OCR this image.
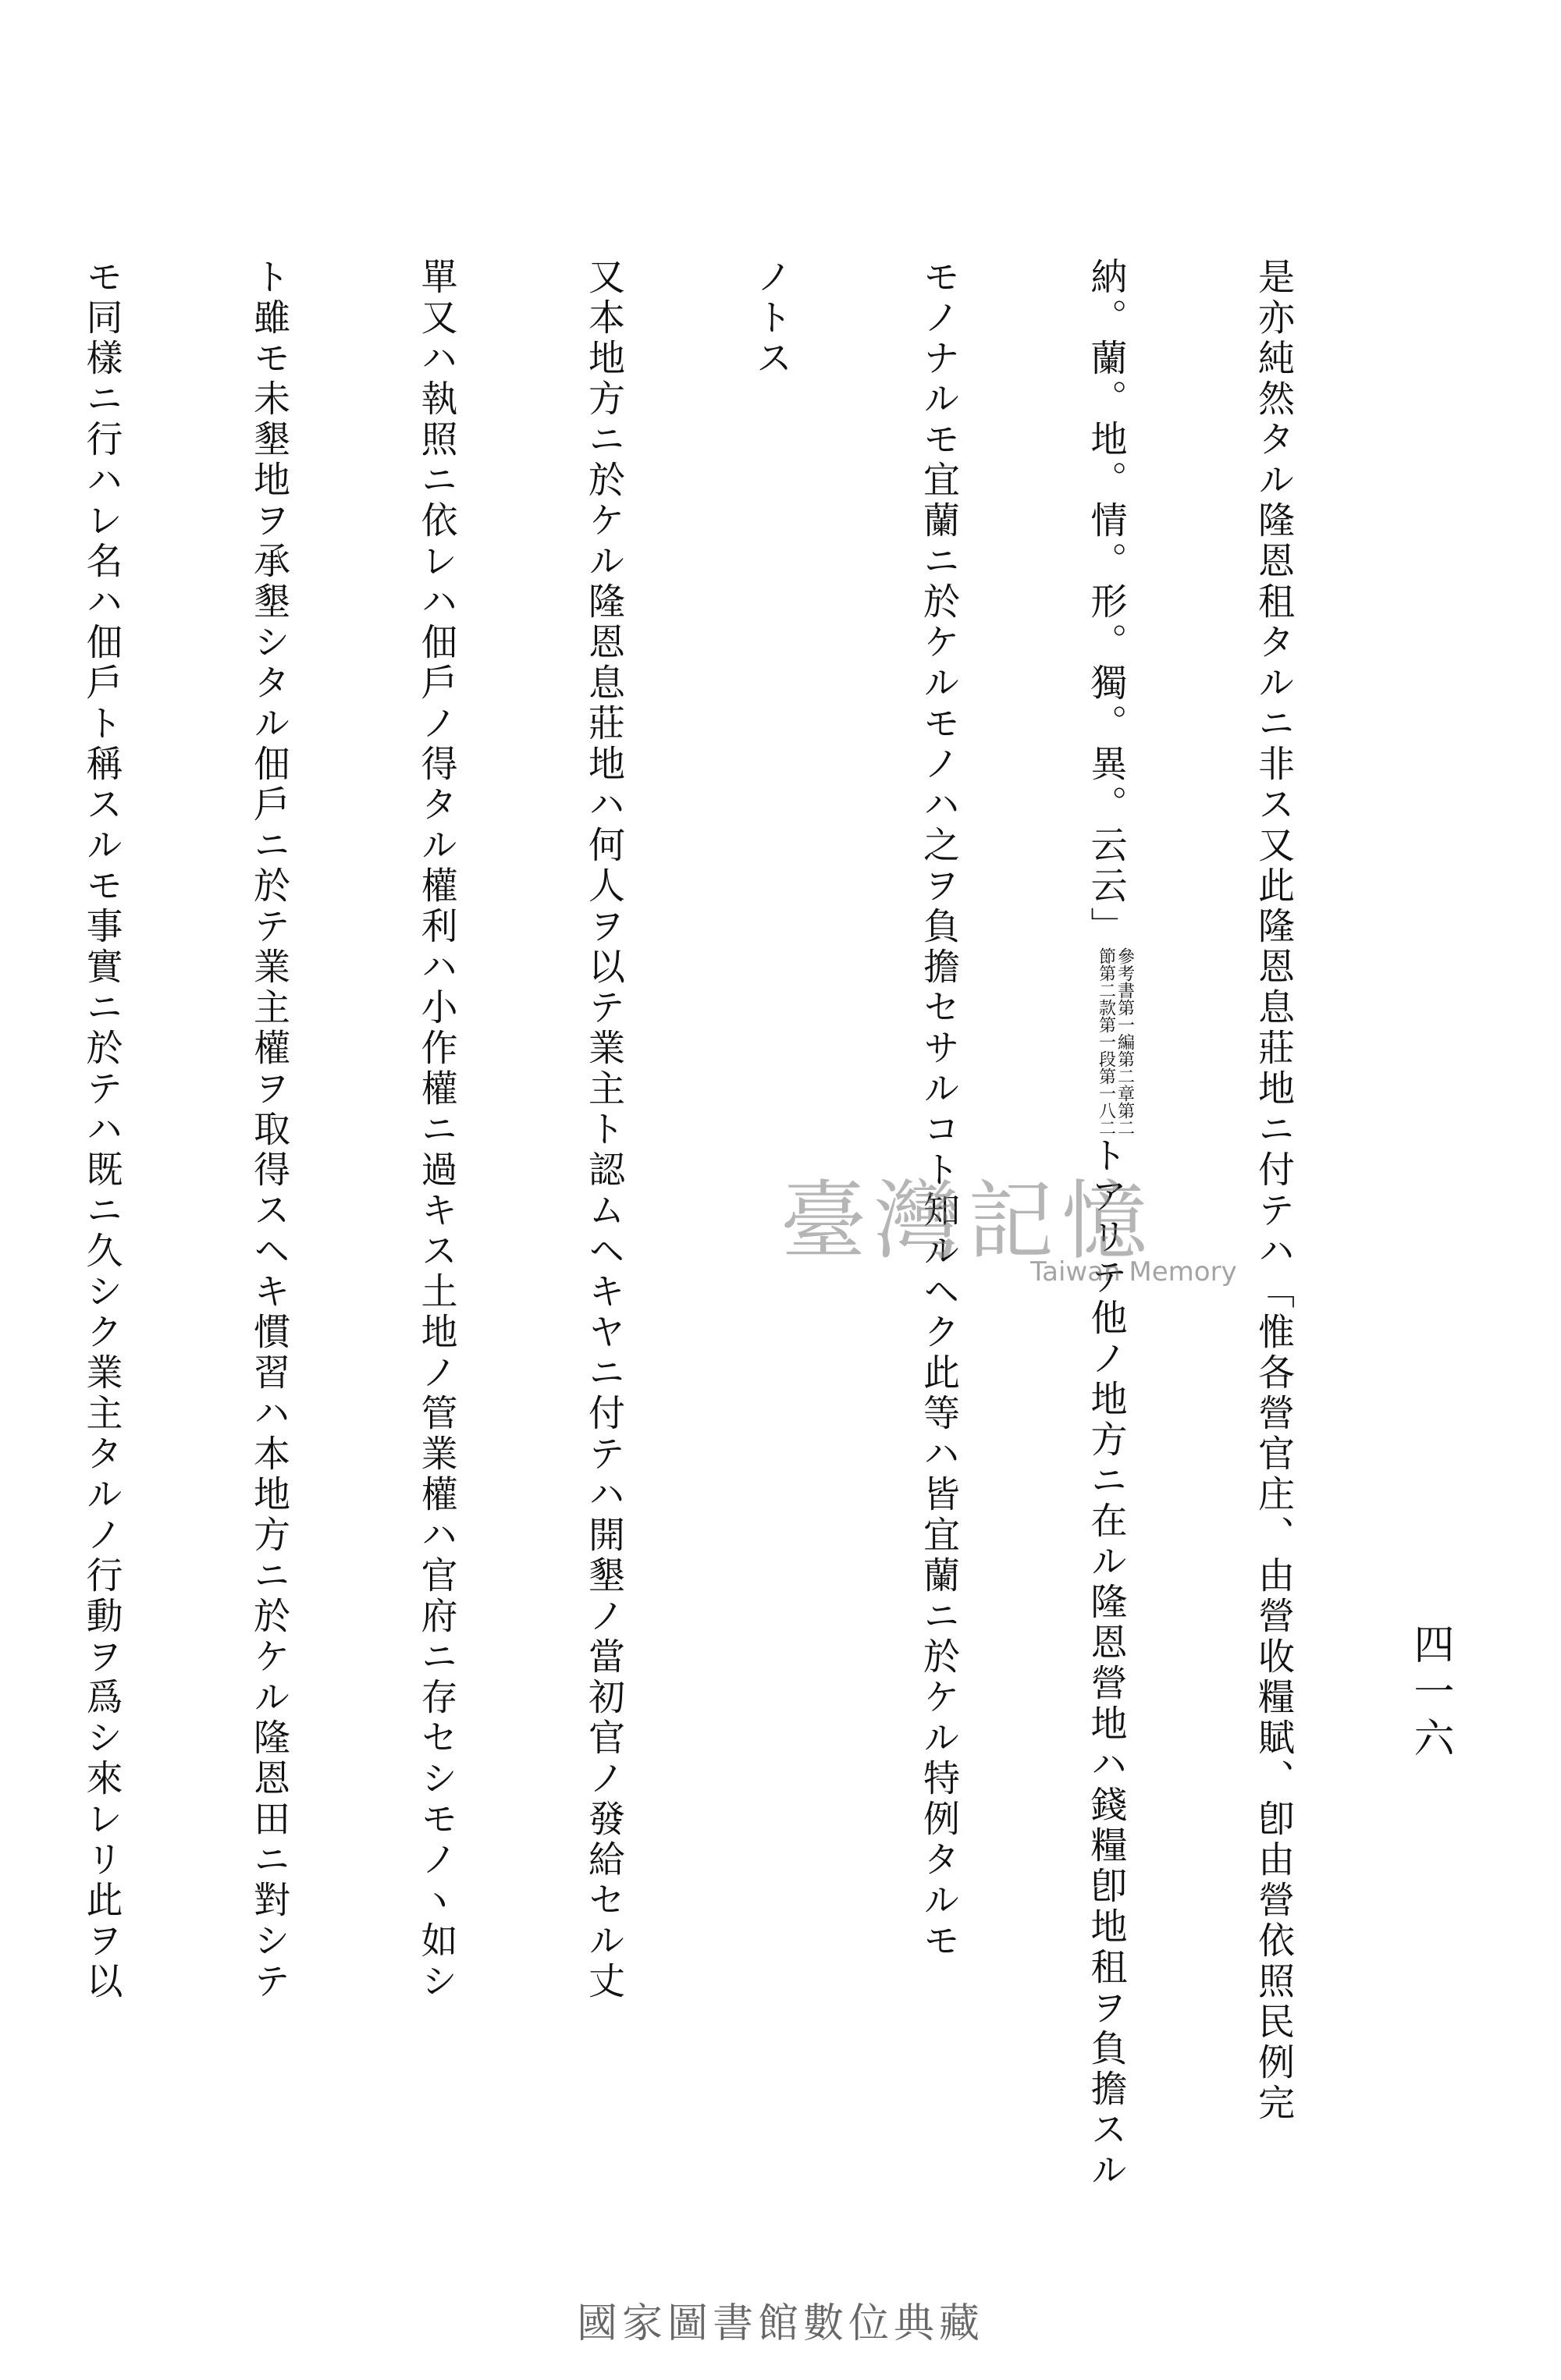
四一六

是亦純然タル隆恩租タルニ非ス又此隆恩息莊地ニ付テハ「惟各營官庄、由營收糧賦、卽由營依照民例完

納。蘭。地。情。形。獨。異。云云」參考書第一編第二章第二
節第二款第一段第一八二トアリテ他ノ地方ニ在ル隆恩營地ハ錢糧卽地租ヲ負擔スル

モノナルモ宜蘭ニ於ケルモノハ之ヲ負擔セサルコト知ルヘク此等ハ皆宜蘭ニ於ケル特例タルモ

ノトス

又本地方ニ於ケル隆恩息莊地ハ何人ヲ以テ業主ト認ムヘキヤニ付テハ開墾ノ當初官ノ發給セル丈

單又ハ執照ニ依レハ佃戶ノ得タル權利ハ小作權ニ過キス土地ノ管業權ハ官府ニ存セシモノヽ如シ

ト雖モ未墾地ヲ承墾シタル佃戶ニ於テ業主權ヲ取得スヘキ慣習ハ本地方ニ於ケル隆恩田ニ對シテ

モ同樣ニ行ハレ名ハ佃戶ト稱スルモ事實ニ於テハ既ニ久シク業主タルノ行動ヲ爲シ來レリ此ヲ以

	臺灣記憶
Taiwan Memory
國家圖書館數位典藏
